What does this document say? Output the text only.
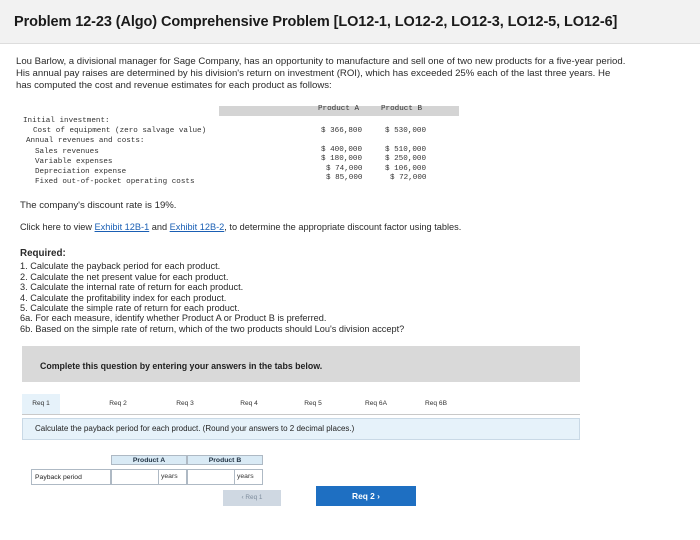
Problem 12-23 (Algo) Comprehensive Problem [LO12-1, LO12-2, LO12-3, LO12-5, LO12-6]
Lou Barlow, a divisional manager for Sage Company, has an opportunity to manufacture and sell one of two new products for a five-year period. His annual pay raises are determined by his division's return on investment (ROI), which has exceeded 25% each of the last three years. He has computed the cost and revenue estimates for each product as follows:
Product A	Product B
Initial investment:
Cost of equipment (zero salvage value)	$ 366,800	$ 530,000
Annual revenues and costs:
Sales revenues	$ 400,000	$ 510,000
Variable expenses	$ 180,000	$ 250,000
Depreciation expense	$ 74,000	$ 106,000
Fixed out-of-pocket operating costs	$ 85,000	$ 72,000
The company's discount rate is 19%.
Click here to view Exhibit 12B-1 and Exhibit 12B-2, to determine the appropriate discount factor using tables.
Required:
1. Calculate the payback period for each product.
2. Calculate the net present value for each product.
3. Calculate the internal rate of return for each product.
4. Calculate the profitability index for each product.
5. Calculate the simple rate of return for each product.
6a. For each measure, identify whether Product A or Product B is preferred.
6b. Based on the simple rate of return, which of the two products should Lou's division accept?
Complete this question by entering your answers in the tabs below.
Req 1	Req 2	Req 3	Req 4	Req 5	Req 6A	Req 6B
Calculate the payback period for each product. (Round your answers to 2 decimal places.)
Product A	Product B
Payback period	years	years
‹ Req 1	Req 2 ›
